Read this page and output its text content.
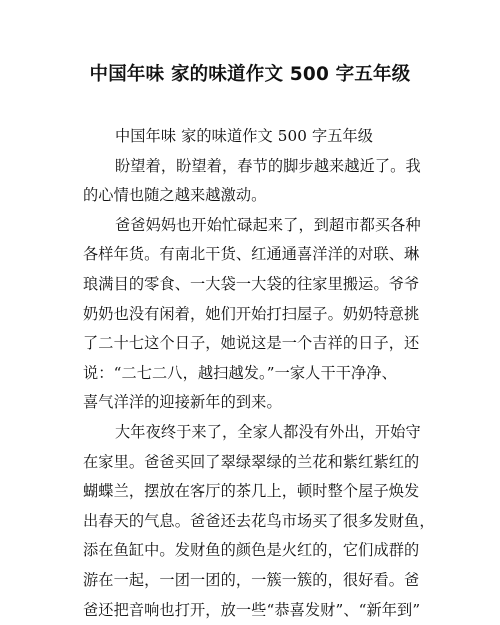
中国年味 家的味道作文 500 字五年级
中国年味 家的味道作文 500 字五年级
盼望着，盼望着，春节的脚步越来越近了。我
的心情也随之越来越激动。
爸爸妈妈也开始忙碌起来了，到超市都买各种
各样年货。有南北干货、红通通喜洋洋的对联、琳
琅满目的零食、一大袋一大袋的往家里搬运。爷爷
奶奶也没有闲着，她们开始打扫屋子。奶奶特意挑
了二十七这个日子，她说这是一个吉祥的日子，还
说：“二七二八，越扫越发。”一家人干干净净、
喜气洋洋的迎接新年的到来。
大年夜终于来了，全家人都没有外出，开始守
在家里。爸爸买回了翠绿翠绿的兰花和紫红紫红的
蝴蝶兰，摆放在客厅的茶几上，顿时整个屋子焕发
出春天的气息。爸爸还去花鸟市场买了很多发财鱼，
添在鱼缸中。发财鱼的颜色是火红的，它们成群的
游在一起，一团一团的，一簇一簇的，很好看。爸
爸还把音响也打开，放一些“恭喜发财”、“新年到”
